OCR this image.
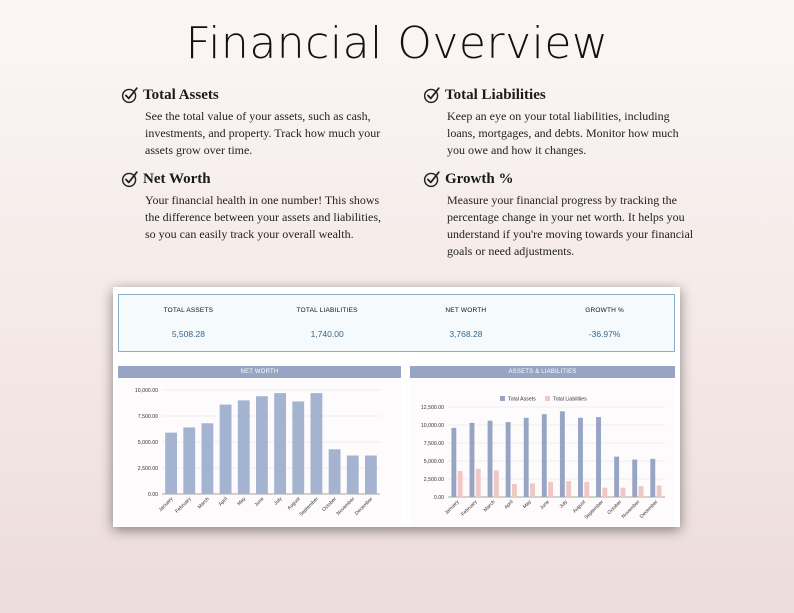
Financial Overview
Total Assets
See the total value of your assets, such as cash, investments, and property. Track how much your assets grow over time.
Total Liabilities
Keep an eye on your total liabilities, including loans, mortgages, and debts. Monitor how much you owe and how it changes.
Net Worth
Your financial health in one number! This shows the difference between your assets and liabilities, so you can easily track your overall wealth.
Growth %
Measure your financial progress by tracking the percentage change in your net worth. It helps you understand if you're moving towards your financial goals or need adjustments.
TOTAL ASSETS
5,508.28
TOTAL LIABILITIES
1,740.00
NET WORTH
3,768.28
GROWTH %
-36.97%
NET WORTH	ASSETS & LIABILITIES
0.00
2,500.00
5,000.00
7,500.00
10,000.00
January February March April May June July August
September October
November
December	0.00
2,500.00
5,000.00
7,500.00
10,000.00
12,500.00
January February March April May June July August
September October
November
December
Total Assets	Total Liabilities
